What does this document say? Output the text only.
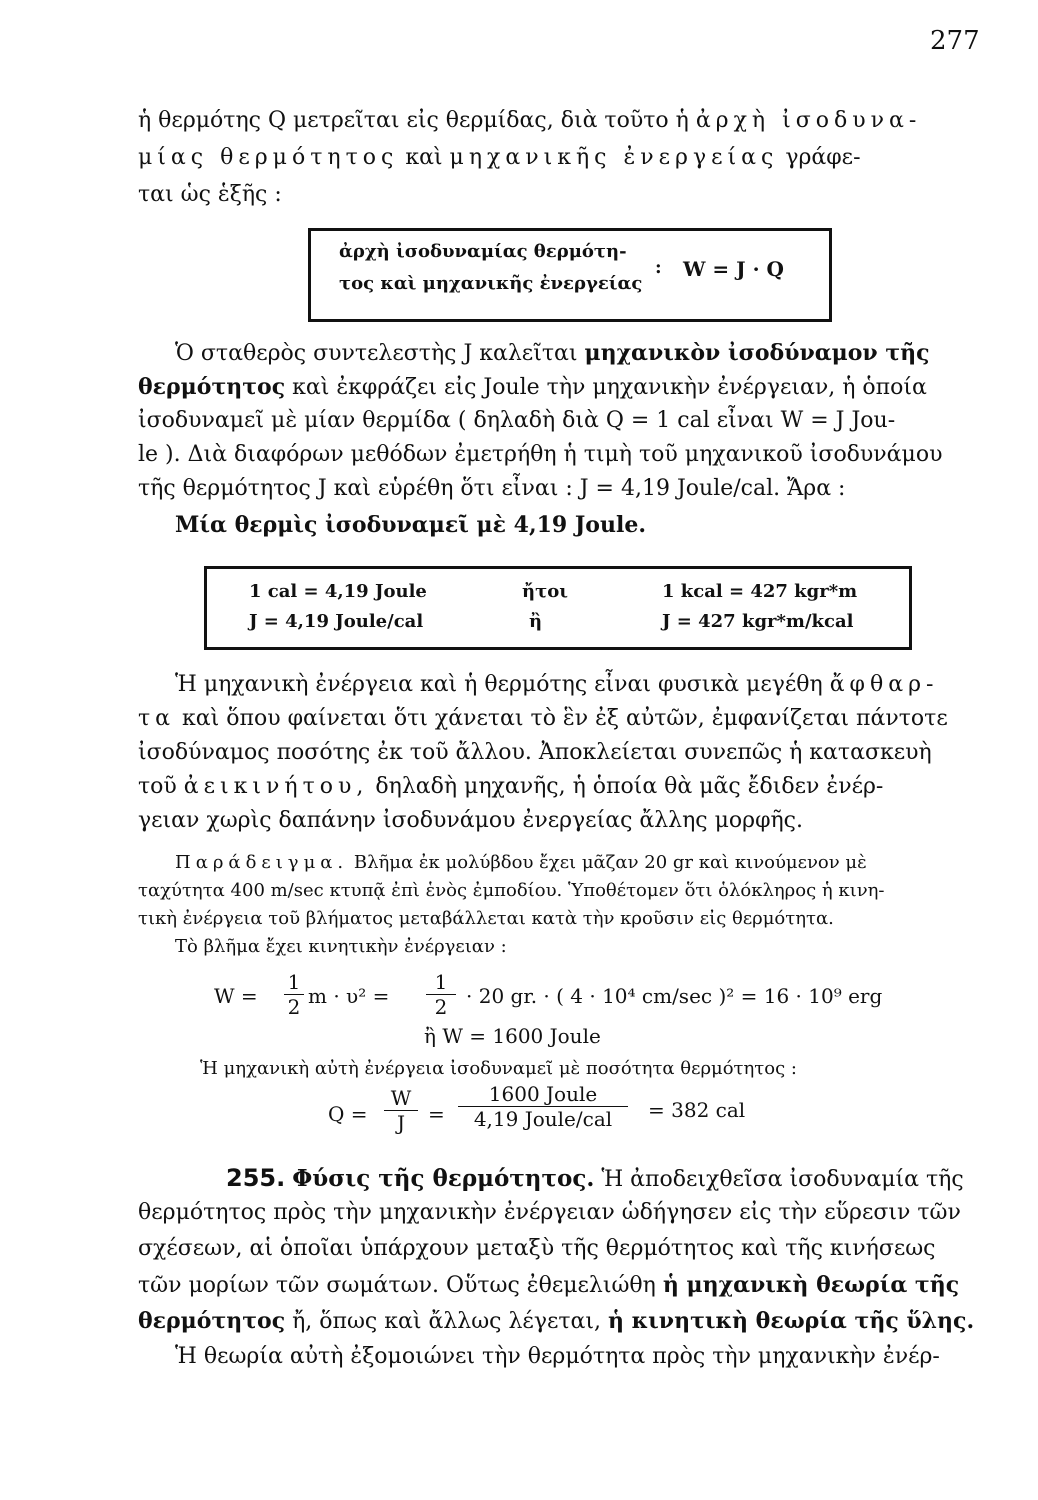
277
ἡ θερμότης Q μετρεῖται εἰς θερμίδας, διὰ τοῦτο ἡ ἀρχὴ ἰσοδυνα-
μίας θερμότητος καὶ μηχανικῆς ἐνεργείας γράφε-
ται ὡς ἑξῆς :
ἀρχὴ ἰσοδυναμίας θερμότη-
τος καὶ μηχανικῆς ἐνεργείας
: W = J · Q
Ὁ σταθερὸς συντελεστὴς J καλεῖται μηχανικὸν ἰσοδύναμον τῆς
θερμότητος καὶ ἐκφράζει εἰς Joule τὴν μηχανικὴν ἐνέργειαν, ἡ ὁποία
ἰσοδυναμεῖ μὲ μίαν θερμίδα ( δηλαδὴ διὰ Q = 1 cal εἶναι W = J Jou-
le ). Διὰ διαφόρων μεθόδων ἐμετρήθη ἡ τιμὴ τοῦ μηχανικοῦ ἰσοδυνάμου
τῆς θερμότητος J καὶ εὑρέθη ὅτι εἶναι : J = 4,19 Joule/cal. Ἄρα :
Μία θερμὶς ἰσοδυναμεῖ μὲ 4,19 Joule.
1 cal = 4,19 Joule	ἤτοι	1 kcal = 427 kgr*m
J = 4,19 Joule/cal	ἢ	J = 427 kgr*m/kcal
Ἡ μηχανικὴ ἐνέργεια καὶ ἡ θερμότης εἶναι φυσικὰ μεγέθη ἄφθαρ-
τα καὶ ὅπου φαίνεται ὅτι χάνεται τὸ ἓν ἐξ αὐτῶν, ἐμφανίζεται πάντοτε
ἰσοδύναμος ποσότης ἐκ τοῦ ἄλλου. Ἀποκλείεται συνεπῶς ἡ κατασκευὴ
τοῦ ἀεικινήτου, δηλαδὴ μηχανῆς, ἡ ὁποία θὰ μᾶς ἔδιδεν ἐνέρ-
γειαν χωρὶς δαπάνην ἰσοδυνάμου ἐνεργείας ἄλλης μορφῆς.
Παράδειγμα. Βλῆμα ἐκ μολύβδου ἔχει μᾶζαν 20 gr καὶ κινούμενον μὲ
ταχύτητα 400 m/sec κτυπᾷ ἐπὶ ἑνὸς ἐμποδίου. Ὑποθέτομεν ὅτι ὁλόκληρος ἡ κινη-
τικὴ ἐνέργεια τοῦ βλήματος μεταβάλλεται κατὰ τὴν κροῦσιν εἰς θερμότητα.
Τὸ βλῆμα ἔχει κινητικὴν ἐνέργειαν :
$W = \frac{1}{2}$ $m \cdot \upsilon^2 = \frac{1}{2} \cdot 20$ gr. · ( 4 · 10⁴ cm/sec )² = 16 · 10⁹ erg
ἢ W = 1600 Joule
Ἡ μηχανικὴ αὐτὴ ἐνέργεια ἰσοδυναμεῖ μὲ ποσότητα θερμότητος :
$Q = \frac{W}{J}$ =
1600 Joule
4,19 Joule/cal	= 382 cal
255. Φύσις τῆς θερμότητος. Ἡ ἀποδειχθεῖσα ἰσοδυναμία τῆς
θερμότητος πρὸς τὴν μηχανικὴν ἐνέργειαν ὡδήγησεν εἰς τὴν εὕρεσιν τῶν
σχέσεων, αἱ ὁποῖαι ὑπάρχουν μεταξὺ τῆς θερμότητος καὶ τῆς κινήσεως
τῶν μορίων τῶν σωμάτων. Οὕτως ἐθεμελιώθη ἡ μηχανικὴ θεωρία τῆς
θερμότητος ἤ, ὅπως καὶ ἄλλως λέγεται, ἡ κινητικὴ θεωρία τῆς ὕλης.
Ἡ θεωρία αὐτὴ ἐξομοιώνει τὴν θερμότητα πρὸς τὴν μηχανικὴν ἐνέρ-
